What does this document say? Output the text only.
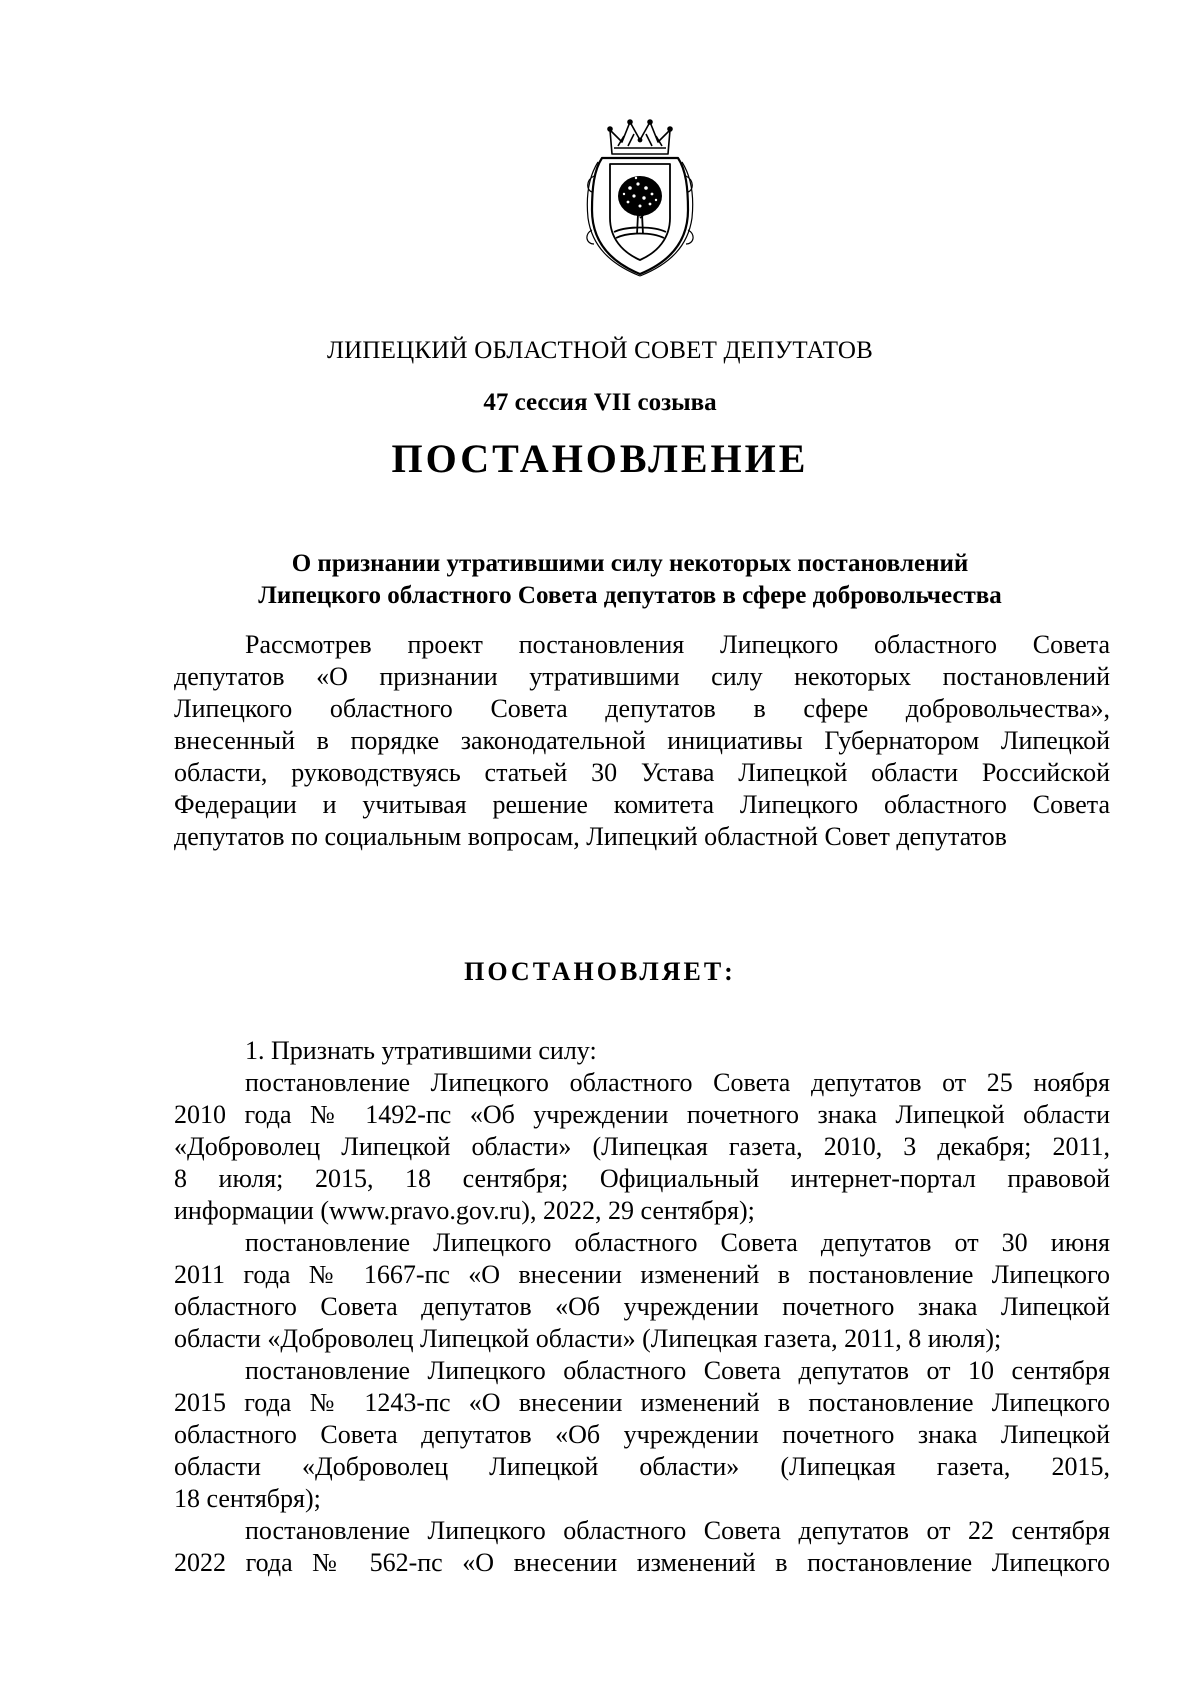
ЛИПЕЦКИЙ ОБЛАСТНОЙ СОВЕТ ДЕПУТАТОВ
47 сессия VII созыва
ПОСТАНОВЛЕНИЕ
О признании утратившими силу некоторых постановлений
Липецкого областного Совета депутатов в сфере добровольчества
Рассмотрев проект постановления Липецкого областного Совета
депутатов «О признании утратившими силу некоторых постановлений
Липецкого областного Совета депутатов в сфере добровольчества»,
внесенный в порядке законодательной инициативы Губернатором Липецкой
области, руководствуясь статьей 30 Устава Липецкой области Российской
Федерации и учитывая решение комитета Липецкого областного Совета
депутатов по социальным вопросам, Липецкий областной Совет депутатов
ПОСТАНОВЛЯЕТ:
1. Признать утратившими силу:
постановление Липецкого областного Совета депутатов от 25 ноября
2010 года № 1492-пс «Об учреждении почетного знака Липецкой области
«Доброволец Липецкой области» (Липецкая газета, 2010, 3 декабря; 2011,
8 июля; 2015, 18 сентября; Официальный интернет-портал правовой
информации (www.pravo.gov.ru), 2022, 29 сентября);
постановление Липецкого областного Совета депутатов от 30 июня
2011 года № 1667-пс «О внесении изменений в постановление Липецкого
областного Совета депутатов «Об учреждении почетного знака Липецкой
области «Доброволец Липецкой области» (Липецкая газета, 2011, 8 июля);
постановление Липецкого областного Совета депутатов от 10 сентября
2015 года № 1243-пс «О внесении изменений в постановление Липецкого
областного Совета депутатов «Об учреждении почетного знака Липецкой
области «Доброволец Липецкой области» (Липецкая газета, 2015,
18 сентября);
постановление Липецкого областного Совета депутатов от 22 сентября
2022 года № 562-пс «О внесении изменений в постановление Липецкого
